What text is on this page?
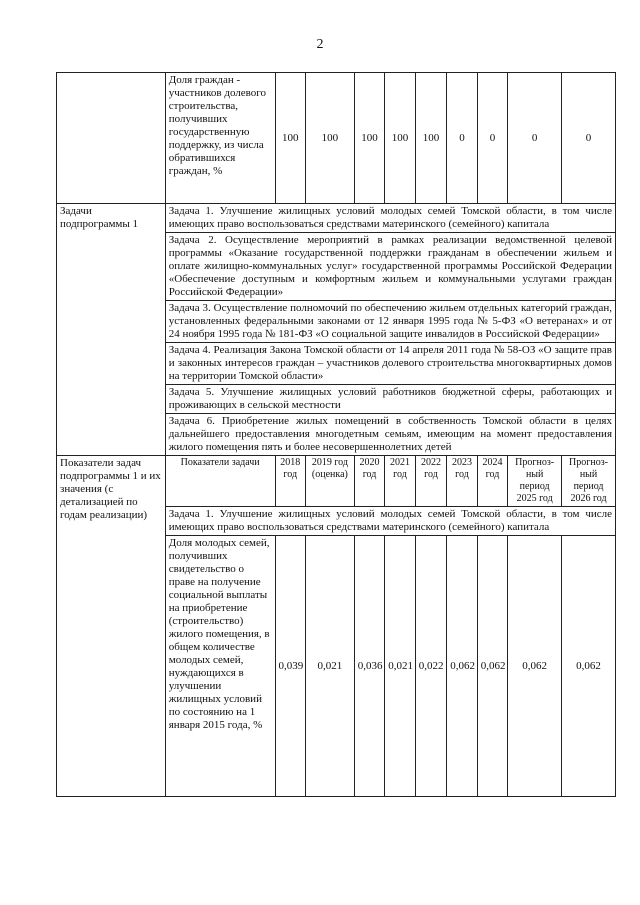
2
	Доля граждан - участников долевого строительства, получивших государственную поддержку, из числа обратившихся граждан, %	100	100	100	100	100	0	0	0	0
Задачи подпрограммы 1	Задача 1. Улучшение жилищных условий молодых семей Томской области, в том числе имеющих право воспользоваться средствами материнского (семейного) капитала									
	Задача 2. Осуществление мероприятий в рамках реализации ведомственной целевой программы «Оказание государственной поддержки гражданам в обеспечении жильем и оплате жилищно-коммунальных услуг» государственной программы Российской Федерации «Обеспечение доступным и комфортным жильем и коммунальными услугами граждан Российской Федерации»									
	Задача 3. Осуществление полномочий по обеспечению жильем отдельных категорий граждан, установленных федеральными законами от 12 января 1995 года № 5-ФЗ «О ветеранах» и от 24 ноября 1995 года № 181-ФЗ «О социальной защите инвалидов в Российской Федерации»									
	Задача 4. Реализация Закона Томской области от 14 апреля 2011 года № 58-ОЗ «О защите прав и законных интересов граждан – участников долевого строительства многоквартирных домов на территории Томской области»									
	Задача 5. Улучшение жилищных условий работников бюджетной сферы, работающих и проживающих в сельской местности									
	Задача 6. Приобретение жилых помещений в собственность Томской области в целях дальнейшего предоставления многодетным семьям, имеющим на момент предоставления жилого помещения пять и более несовершеннолетних детей									
Показатели задач подпрограммы 1 и их значения (с детализацией по годам реализации)	Показатели задачи	2018 год	2019 год (оценка)	2020 год	2021 год	2022 год	2023 год	2024 год	Прогноз-ный период 2025 год	Прогноз-ный период 2026 год
	Задача 1. Улучшение жилищных условий молодых семей Томской области, в том числе имеющих право воспользоваться средствами материнского (семейного) капитала									
	Доля молодых семей, получивших свидетельство о праве на получение социальной выплаты на приобретение (строительство) жилого помещения, в общем количестве молодых семей, нуждающихся в улучшении жилищных условий по состоянию на 1 января 2015 года, %	0,039	0,021	0,036	0,021	0,022	0,062	0,062	0,062	0,062
